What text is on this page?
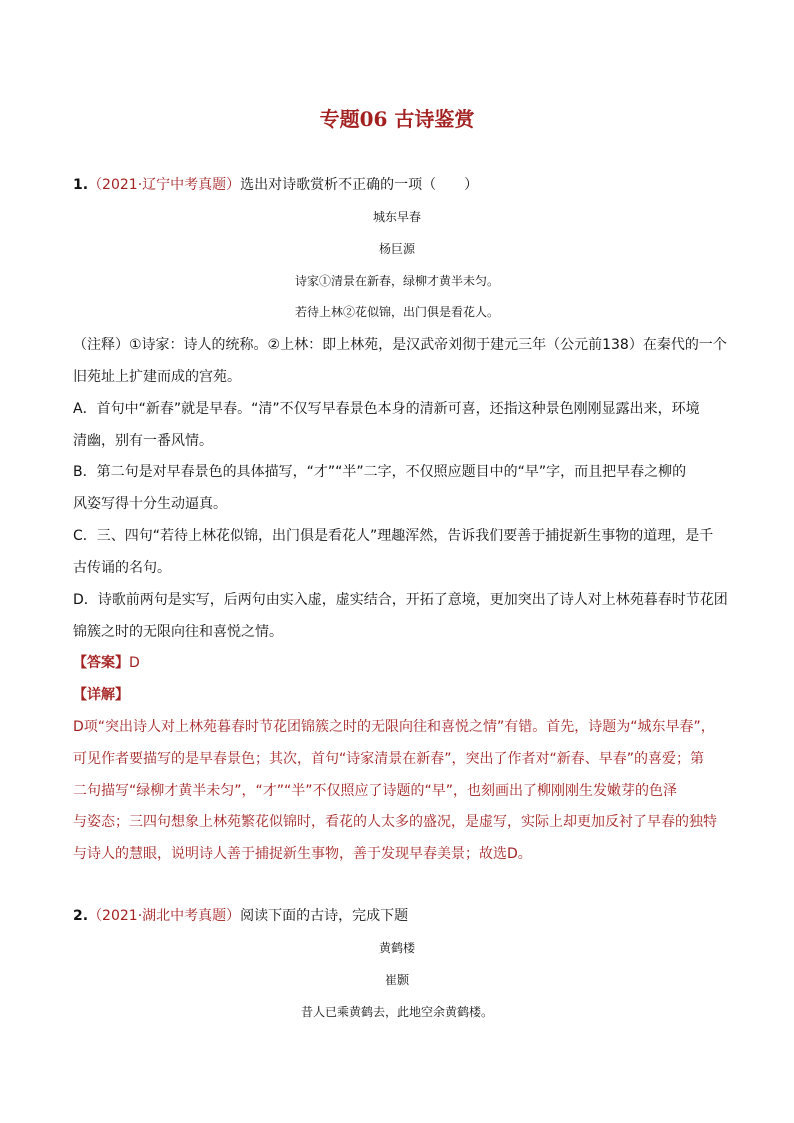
专题06 古诗鉴赏
1.（2021·辽宁中考真题）选出对诗歌赏析不正确的一项（　　）
城东早春
杨巨源
诗家①清景在新春，绿柳才黄半未匀。
若待上林②花似锦，出门俱是看花人。
（注释）①诗家：诗人的统称。②上林：即上林苑，是汉武帝刘彻于建元三年（公元前138）在秦代的一个
旧苑址上扩建而成的宫苑。
A．首句中“新春”就是早春。“清”不仅写早春景色本身的清新可喜，还指这种景色刚刚显露出来，环境
清幽，别有一番风情。
B．第二句是对早春景色的具体描写，“才”“半”二字，不仅照应题目中的“早”字，而且把早春之柳的
风姿写得十分生动逼真。
C．三、四句“若待上林花似锦，出门俱是看花人”理趣浑然，告诉我们要善于捕捉新生事物的道理，是千
古传诵的名句。
D．诗歌前两句是实写，后两句由实入虚，虚实结合，开拓了意境，更加突出了诗人对上林苑暮春时节花团
锦簇之时的无限向往和喜悦之情。
【答案】D
【详解】
D项“突出诗人对上林苑暮春时节花团锦簇之时的无限向往和喜悦之情”有错。首先，诗题为“城东早春”，
可见作者要描写的是早春景色；其次，首句“诗家清景在新春”，突出了作者对“新春、早春”的喜爱；第
二句描写“绿柳才黄半未匀”，“才”“半”不仅照应了诗题的“早”，也刻画出了柳刚刚生发嫩芽的色泽
与姿态；三四句想象上林苑繁花似锦时，看花的人太多的盛况，是虚写，实际上却更加反衬了早春的独特
与诗人的慧眼，说明诗人善于捕捉新生事物，善于发现早春美景；故选D。
2.（2021·湖北中考真题）阅读下面的古诗，完成下题
黄鹤楼
崔颢
昔人已乘黄鹤去，此地空余黄鹤楼。
